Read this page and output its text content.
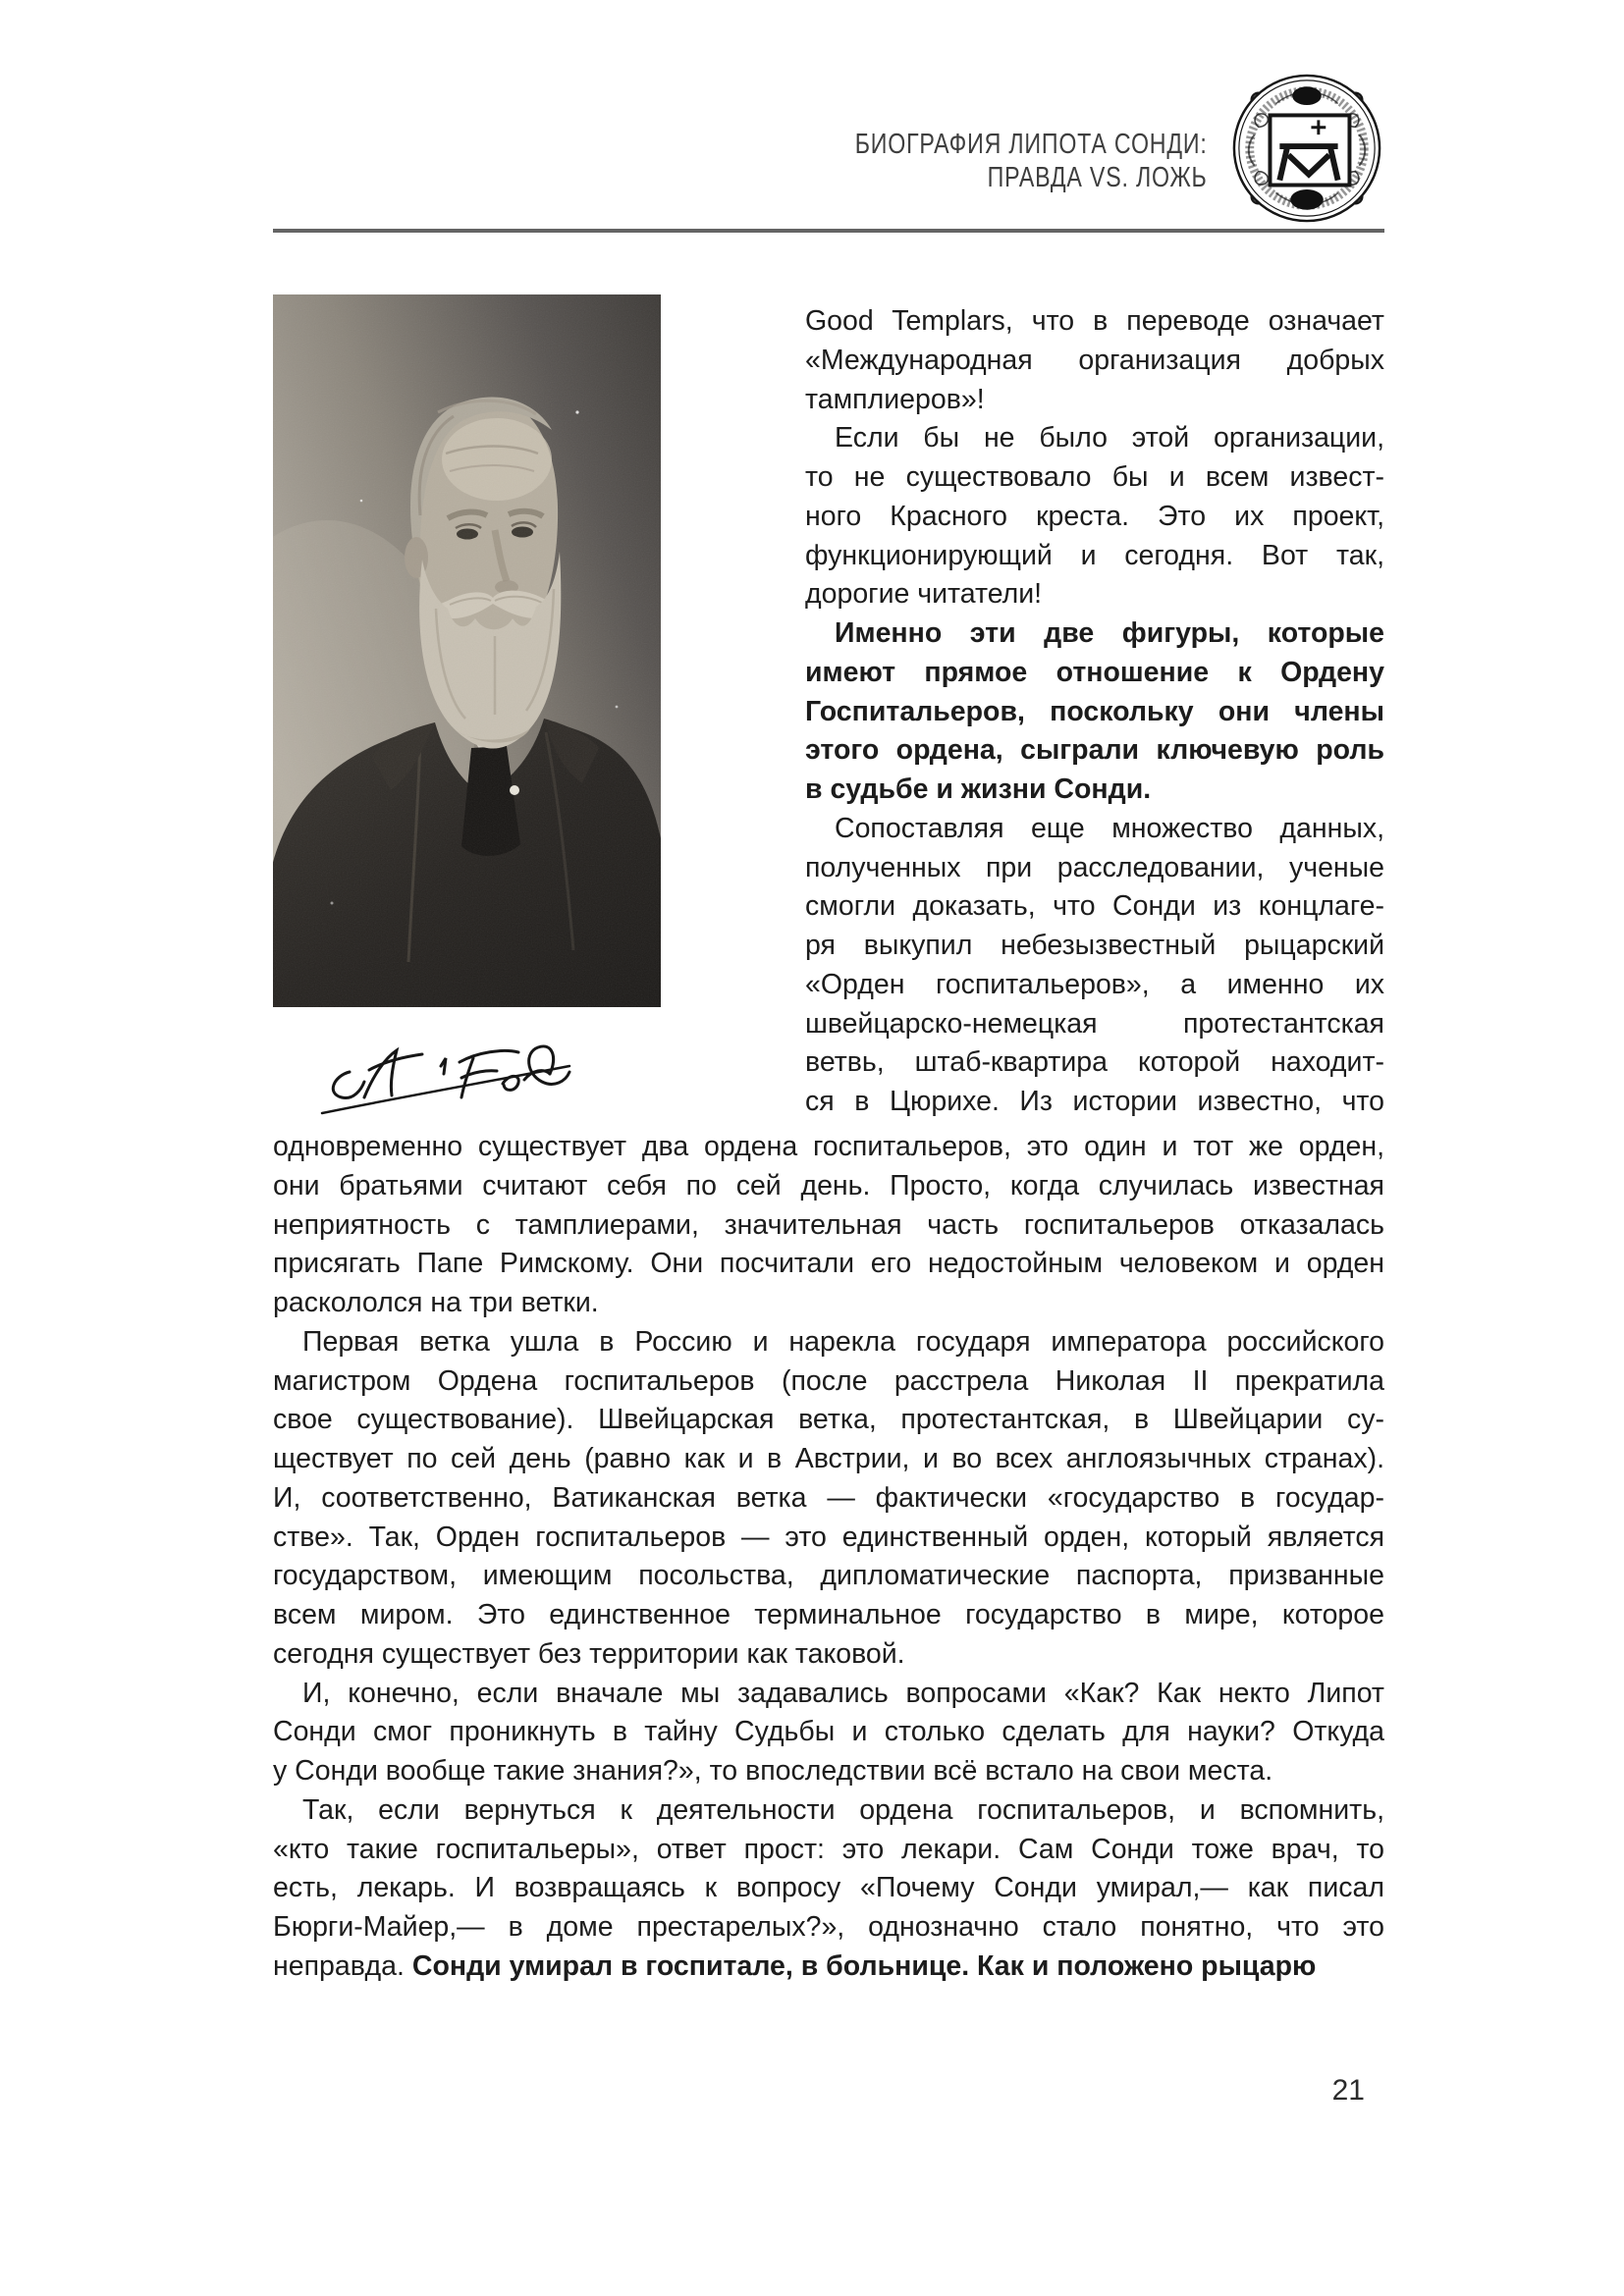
БИОГРАФИЯ ЛИПОТА СОНДИ:
ПРАВДА VS. ЛОЖЬ
Good Templars, что в переводе означает
«Международная организация добрых
тамплиеров»!
Если бы не было этой организации,
то не существовало бы и всем извест-
ного Красного креста. Это их проект,
функционирующий и сегодня. Вот так,
дорогие читатели!
Именно эти две фигуры, которые
имеют прямое отношение к Ордену
Госпитальеров, поскольку они члены
этого ордена, сыграли ключевую роль
в судьбе и жизни Сонди.
Сопоставляя еще множество данных,
полученных при расследовании, ученые
смогли доказать, что Сонди из концлаге-
ря выкупил небезызвестный рыцарский
«Орден госпитальеров», а именно их
швейцарско-немецкая протестантская
ветвь, штаб-квартира которой находит-
ся в Цюрихе. Из истории известно, что
одновременно существует два ордена госпитальеров, это один и тот же орден,
они братьями считают себя по сей день. Просто, когда случилась известная
неприятность с тамплиерами, значительная часть госпитальеров отказалась
присягать Папе Римскому. Они посчитали его недостойным человеком и орден
раскололся на три ветки.
Первая ветка ушла в Россию и нарекла государя императора российского
магистром Ордена госпитальеров (после расстрела Николая II прекратила
свое существование). Швейцарская ветка, протестантская, в Швейцарии су-
ществует по сей день (равно как и в Австрии, и во всех англоязычных странах).
И, соответственно, Ватиканская ветка — фактически «государство в государ-
стве». Так, Орден госпитальеров — это единственный орден, который является
государством, имеющим посольства, дипломатические паспорта, призванные
всем миром. Это единственное терминальное государство в мире, которое
сегодня существует без территории как таковой.
И, конечно, если вначале мы задавались вопросами «Как? Как некто Липот
Сонди смог проникнуть в тайну Судьбы и столько сделать для науки? Откуда
у Сонди вообще такие знания?», то впоследствии всё встало на свои места.
Так, если вернуться к деятельности ордена госпитальеров, и вспомнить,
«кто такие госпитальеры», ответ прост: это лекари. Сам Сонди тоже врач, то
есть, лекарь. И возвращаясь к вопросу «Почему Сонди умирал,— как писал
Бюрги-Майер,— в доме престарелых?», однозначно стало понятно, что это
неправда. Сонди умирал в госпитале, в больнице. Как и положено рыцарю
21
